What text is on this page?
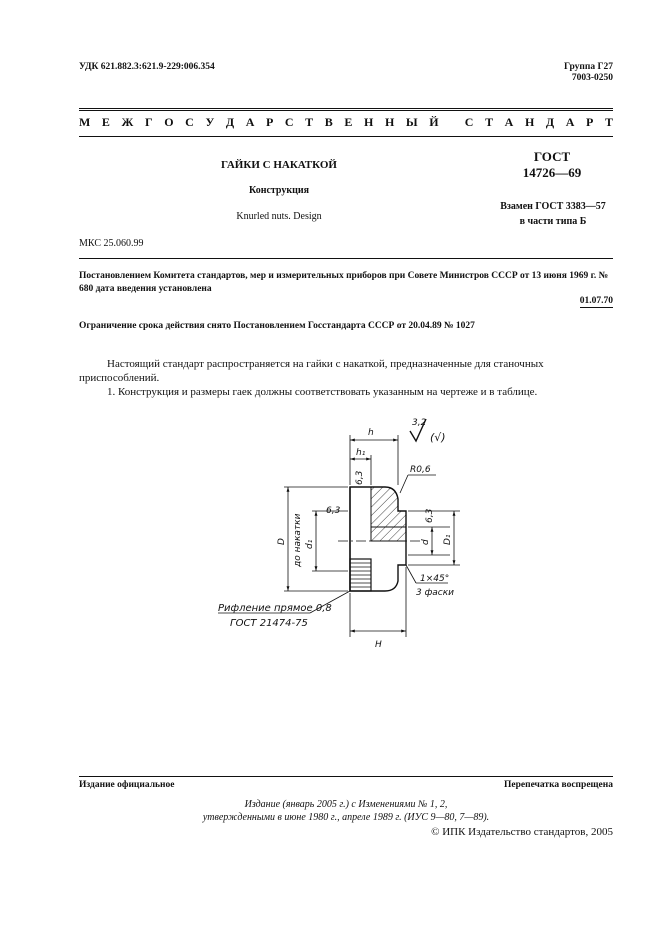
УДК 621.882.3:621.9-229:006.354	Группа Г27
7003-0250
М Е Ж Г О С У Д А Р С Т В Е Н Н Ы Й
С Т А Н Д А Р Т
ГАЙКИ С НАКАТКОЙ
Конструкция
Knurled nuts. Design
ГОСТ
14726—69
Взамен ГОСТ 3383—57
в части типа Б
МКС 25.060.99
Постановлением Комитета стандартов, мер и измерительных приборов при Совете Министров СССР от 13 июня 1969 г. № 680 дата введения установлена
01.07.70
Ограничение срока действия снято Постановлением Госстандарта СССР от 20.04.89 № 1027
Настоящий стандарт распространяется на гайки с накаткой, предназначенные для станочных приспособлений.
1. Конструкция и размеры гаек должны соответствовать указанным на чертеже и в таблице.
3,2
(√)
h
h₁
H
D до накатки d₁	d D₁
6,3
6,3	6,3
R0,6
1×45°
3 фаски
Рифление прямое 0,8
ГОСТ 21474-75
Издание официальное	Перепечатка воспрещена
Издание (январь 2005 г.) с Изменениями № 1, 2,
утвержденными в июне 1980 г., апреле 1989 г. (ИУС 9—80, 7—89).
© ИПК Издательство стандартов, 2005
